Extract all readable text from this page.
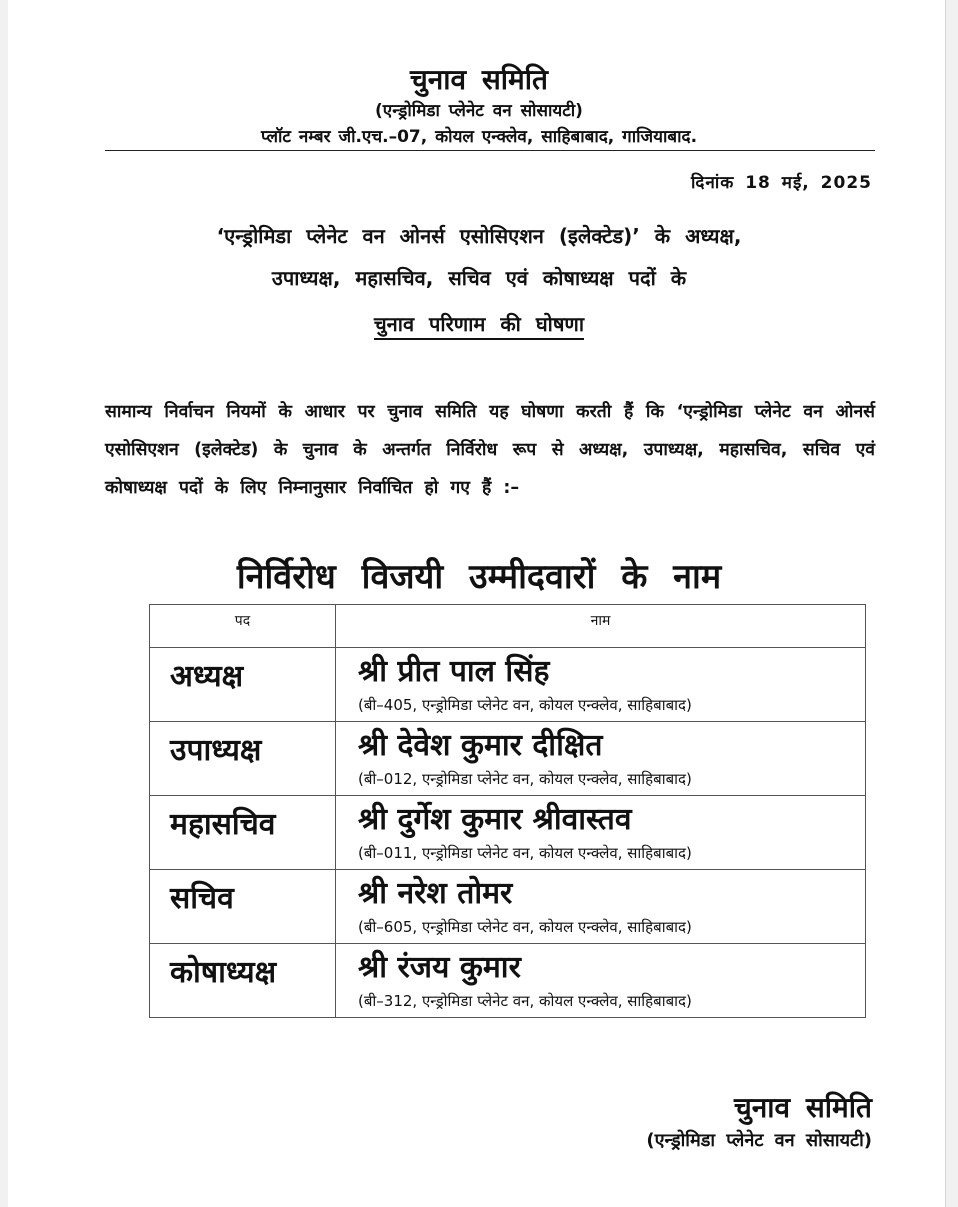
चुनाव समिति
(एन्ड्रोमिडा प्लेनेट वन सोसायटी)
प्लॉट नम्बर जी.एच.–07, कोयल एन्क्लेव, साहिबाबाद, गाजियाबाद.
दिनांक 18 मई, 2025
‘एन्ड्रोमिडा प्लेनेट वन ओनर्स एसोसिएशन (इलेक्टेड)’ के अध्यक्ष,
उपाध्यक्ष, महासचिव, सचिव एवं कोषाध्यक्ष पदों के
चुनाव परिणाम की घोषणा
सामान्य निर्वाचन नियमों के आधार पर चुनाव समिति यह घोषणा करती हैं कि ‘एन्ड्रोमिडा प्लेनेट वन ओनर्स एसोसिएशन (इलेक्टेड) के चुनाव के अन्तर्गत निर्विरोध रूप से अध्यक्ष, उपाध्यक्ष, महासचिव, सचिव एवं कोषाध्यक्ष पदों के लिए निम्नानुसार निर्वाचित हो गए हैं :–
निर्विरोध विजयी उम्मीदवारों के नाम
पद	नाम
अध्यक्ष	श्री प्रीत पाल सिंह
(बी–405, एन्ड्रोमिडा प्लेनेट वन, कोयल एन्क्लेव, साहिबाबाद)

उपाध्यक्ष	श्री देवेश कुमार दीक्षित
(बी–012, एन्ड्रोमिडा प्लेनेट वन, कोयल एन्क्लेव, साहिबाबाद)

महासचिव	श्री दुर्गेश कुमार श्रीवास्तव
(बी–011, एन्ड्रोमिडा प्लेनेट वन, कोयल एन्क्लेव, साहिबाबाद)

सचिव	श्री नरेश तोमर
(बी–605, एन्ड्रोमिडा प्लेनेट वन, कोयल एन्क्लेव, साहिबाबाद)

कोषाध्यक्ष	श्री रंजय कुमार
(बी–312, एन्ड्रोमिडा प्लेनेट वन, कोयल एन्क्लेव, साहिबाबाद)
चुनाव समिति
(एन्ड्रोमिडा प्लेनेट वन सोसायटी)
